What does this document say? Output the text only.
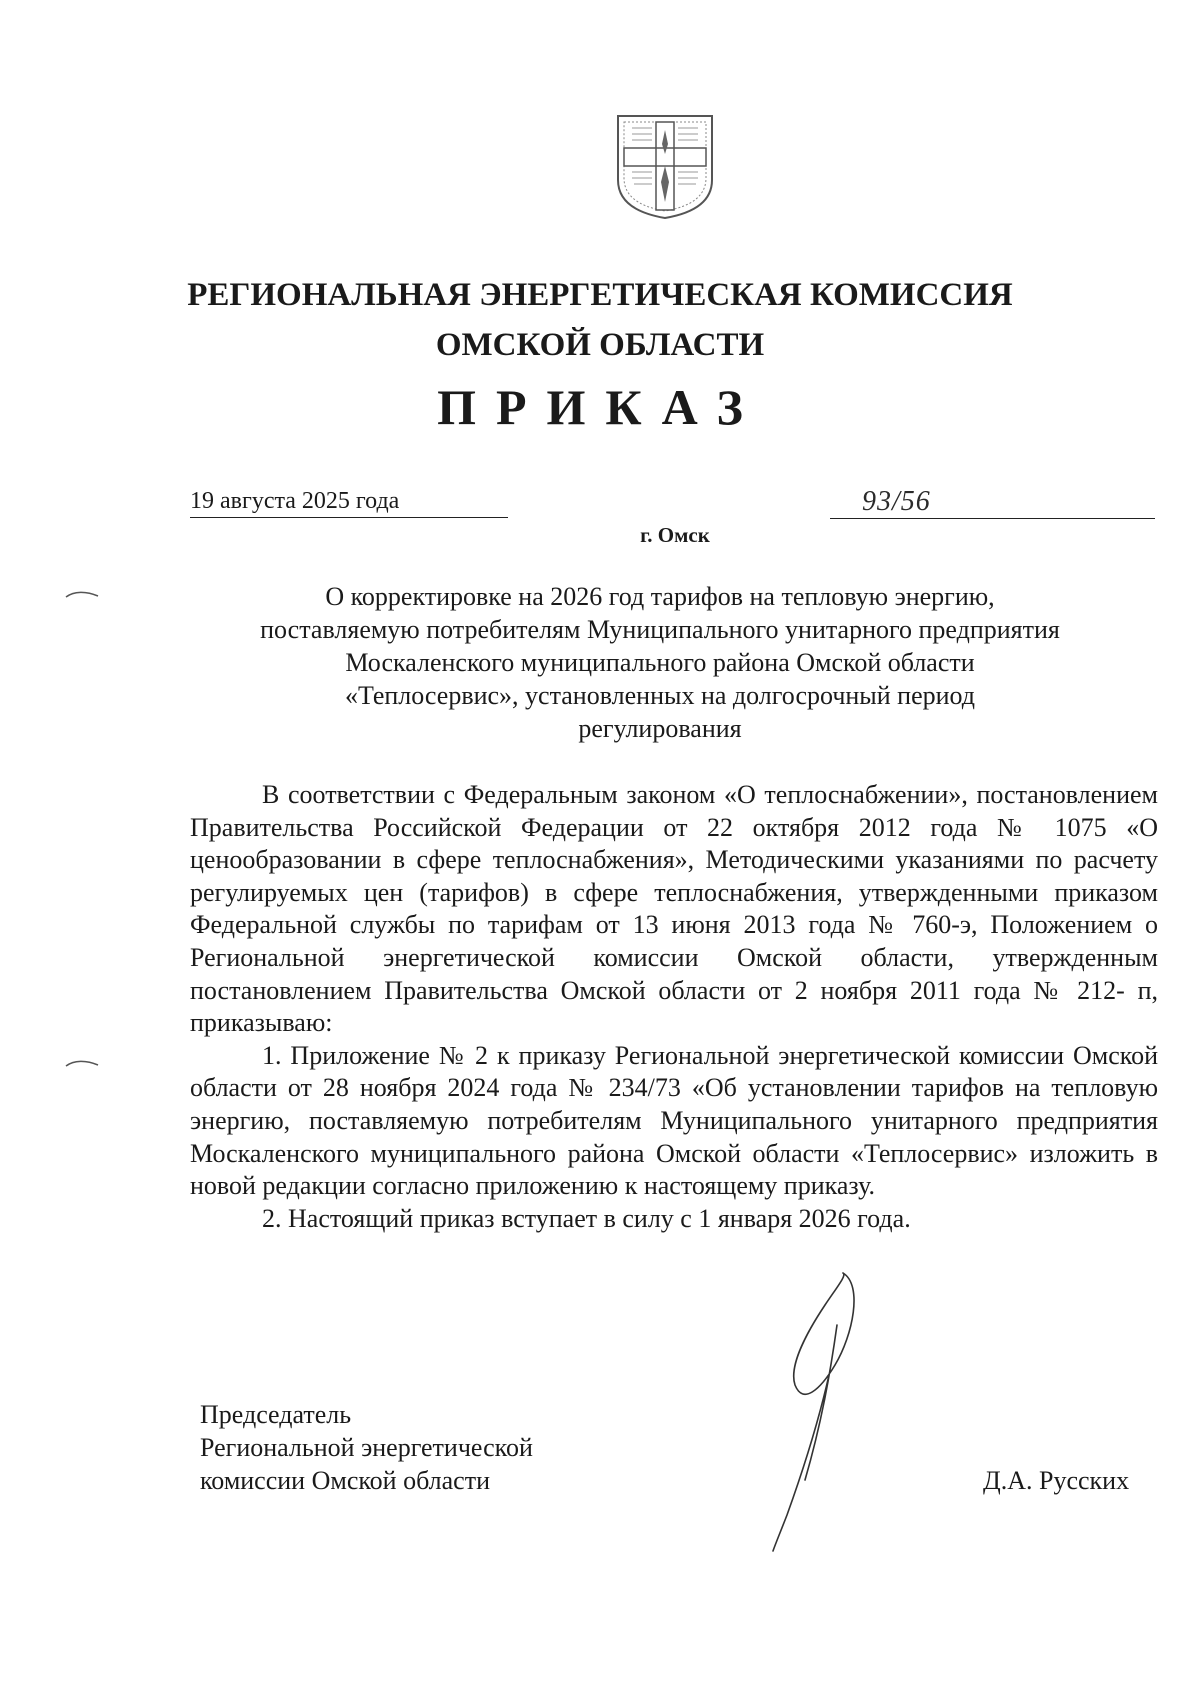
РЕГИОНАЛЬНАЯ ЭНЕРГЕТИЧЕСКАЯ КОМИССИЯ
ОМСКОЙ ОБЛАСТИ
ПРИКАЗ
19 августа 2025 года	93/56
г. Омск
О корректировке на 2026 год тарифов на тепловую энергию,
поставляемую потребителям Муниципального унитарного предприятия
Москаленского муниципального района Омской области
«Теплосервис», установленных на долгосрочный период
регулирования

В соответствии с Федеральным законом «О теплоснабжении», постановлением Правительства Российской Федерации от 22 октября 2012 года № 1075 «О ценообразовании в сфере теплоснабжения», Методическими указаниями по расчету регулируемых цен (тарифов) в сфере теплоснабжения, утвержденными приказом Федеральной службы по тарифам от 13 июня 2013 года № 760-э, Положением о Региональной энергетической комиссии Омской области, утвержденным постановлением Правительства Омской области от 2 ноября 2011 года № 212- п, приказываю:

1. Приложение № 2 к приказу Региональной энергетической комиссии Омской области от 28 ноября 2024 года № 234/73 «Об установлении тарифов на тепловую энергию, поставляемую потребителям Муниципального унитарного предприятия Москаленского муниципального района Омской области «Теплосервис» изложить в новой редакции согласно приложению к настоящему приказу.

2. Настоящий приказ вступает в силу с 1 января 2026 года.

Председатель
Региональной энергетической
комиссии Омской области	Д.А. Русских
